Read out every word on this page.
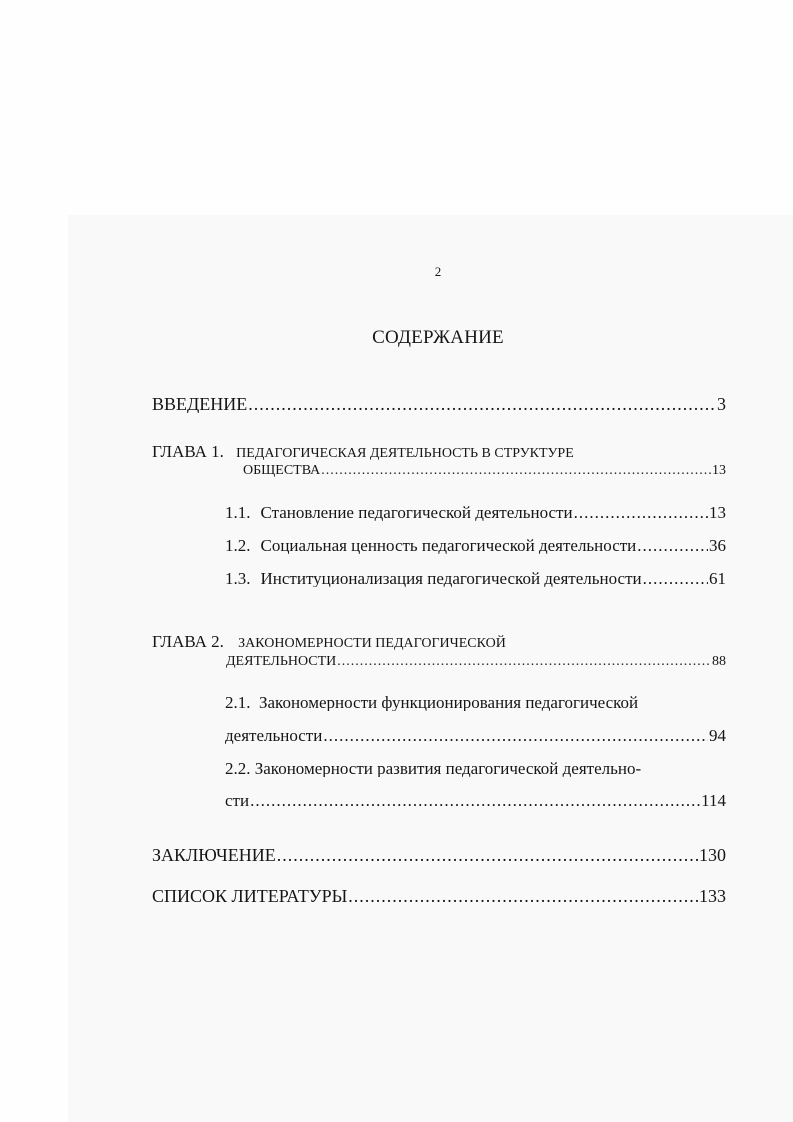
2
СОДЕРЖАНИЕ
ВВЕДЕНИЕ .....	3
ГЛАВА 1. ПЕДАГОГИЧЕСКАЯ ДЕЯТЕЛЬНОСТЬ В СТРУКТУРЕ
ОБЩЕСТВА .....	13
1.1. Становление педагогической деятельности .....	13
1.2. Социальная ценность педагогической деятельности .....	36
1.3. Институционализация педагогической деятельности .....	61
ГЛАВА 2. ЗАКОНОМЕРНОСТИ ПЕДАГОГИЧЕСКОЙ
ДЕЯТЕЛЬНОСТИ .....	88
2.1.  Закономерности функционирования педагогической
деятельности .....	94
2.2. Закономерности развития педагогической деятельно-
сти .....	114
ЗАКЛЮЧЕНИЕ .....	130
СПИСОК ЛИТЕРАТУРЫ .....	133
